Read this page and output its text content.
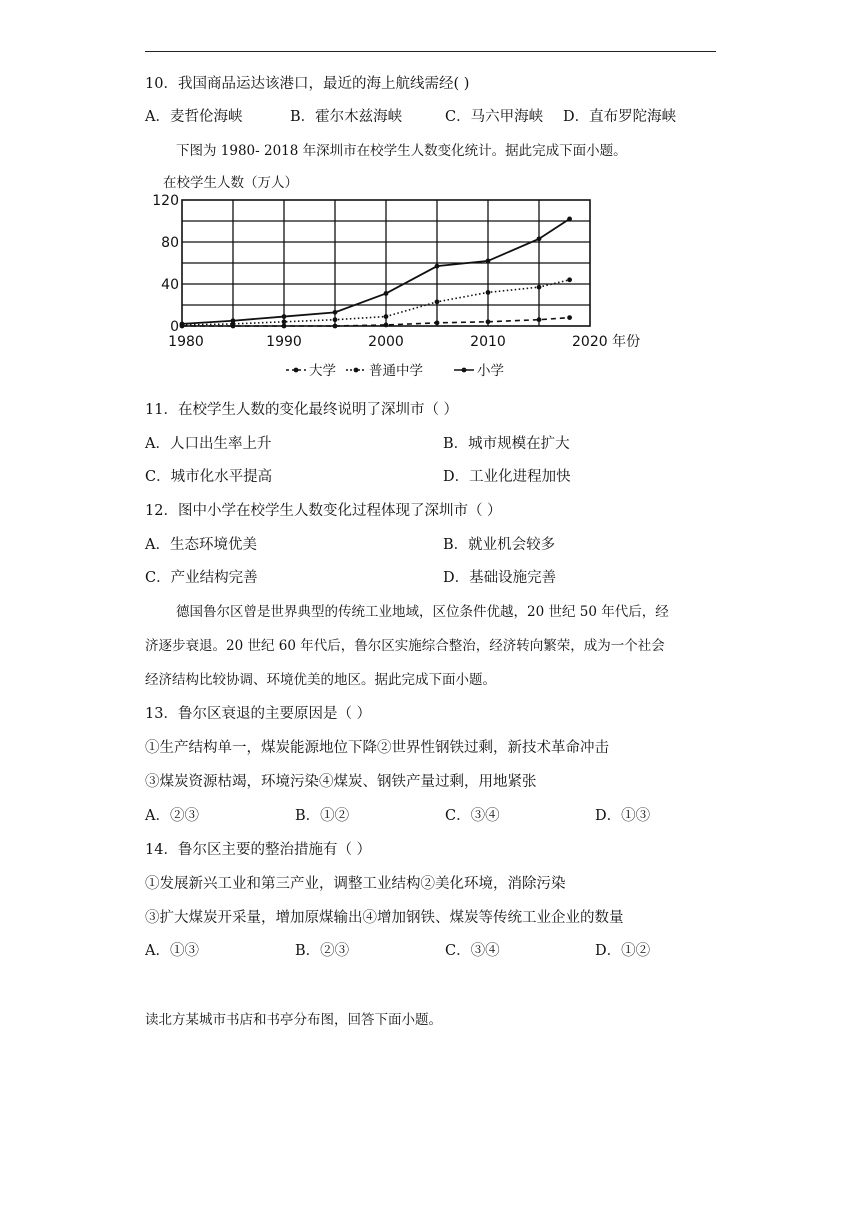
10．我国商品运达该港口，最近的海上航线需经( )
A．麦哲伦海峡	B．霍尔木兹海峡	C．马六甲海峡 D．直布罗陀海峡
下图为 1980- 2018 年深圳市在校学生人数变化统计。据此完成下面小题。
在校学生人数（万人）
0
40
80
120
1980	1990	2000	2010	2020 年份
大学 普通中学	小学
11．在校学生人数的变化最终说明了深圳市（ ）
A．人口出生率上升	B．城市规模在扩大
C．城市化水平提高	D．工业化进程加快
12．图中小学在校学生人数变化过程体现了深圳市（ ）
A．生态环境优美	B．就业机会较多
C．产业结构完善	D．基础设施完善
德国鲁尔区曾是世界典型的传统工业地域，区位条件优越，20 世纪 50 年代后，经
济逐步衰退。20 世纪 60 年代后，鲁尔区实施综合整治，经济转向繁荣，成为一个社会
经济结构比较协调、环境优美的地区。据此完成下面小题。
13．鲁尔区衰退的主要原因是（ ）
①生产结构单一，煤炭能源地位下降②世界性钢铁过剩，新技术革命冲击
③煤炭资源枯竭，环境污染④煤炭、钢铁产量过剩，用地紧张
A．②③	B．①②	C．③④	D．①③
14．鲁尔区主要的整治措施有（ ）
①发展新兴工业和第三产业，调整工业结构②美化环境，消除污染
③扩大煤炭开采量，增加原煤输出④增加钢铁、煤炭等传统工业企业的数量
A．①③	B．②③	C．③④	D．①②
读北方某城市书店和书亭分布图，回答下面小题。
